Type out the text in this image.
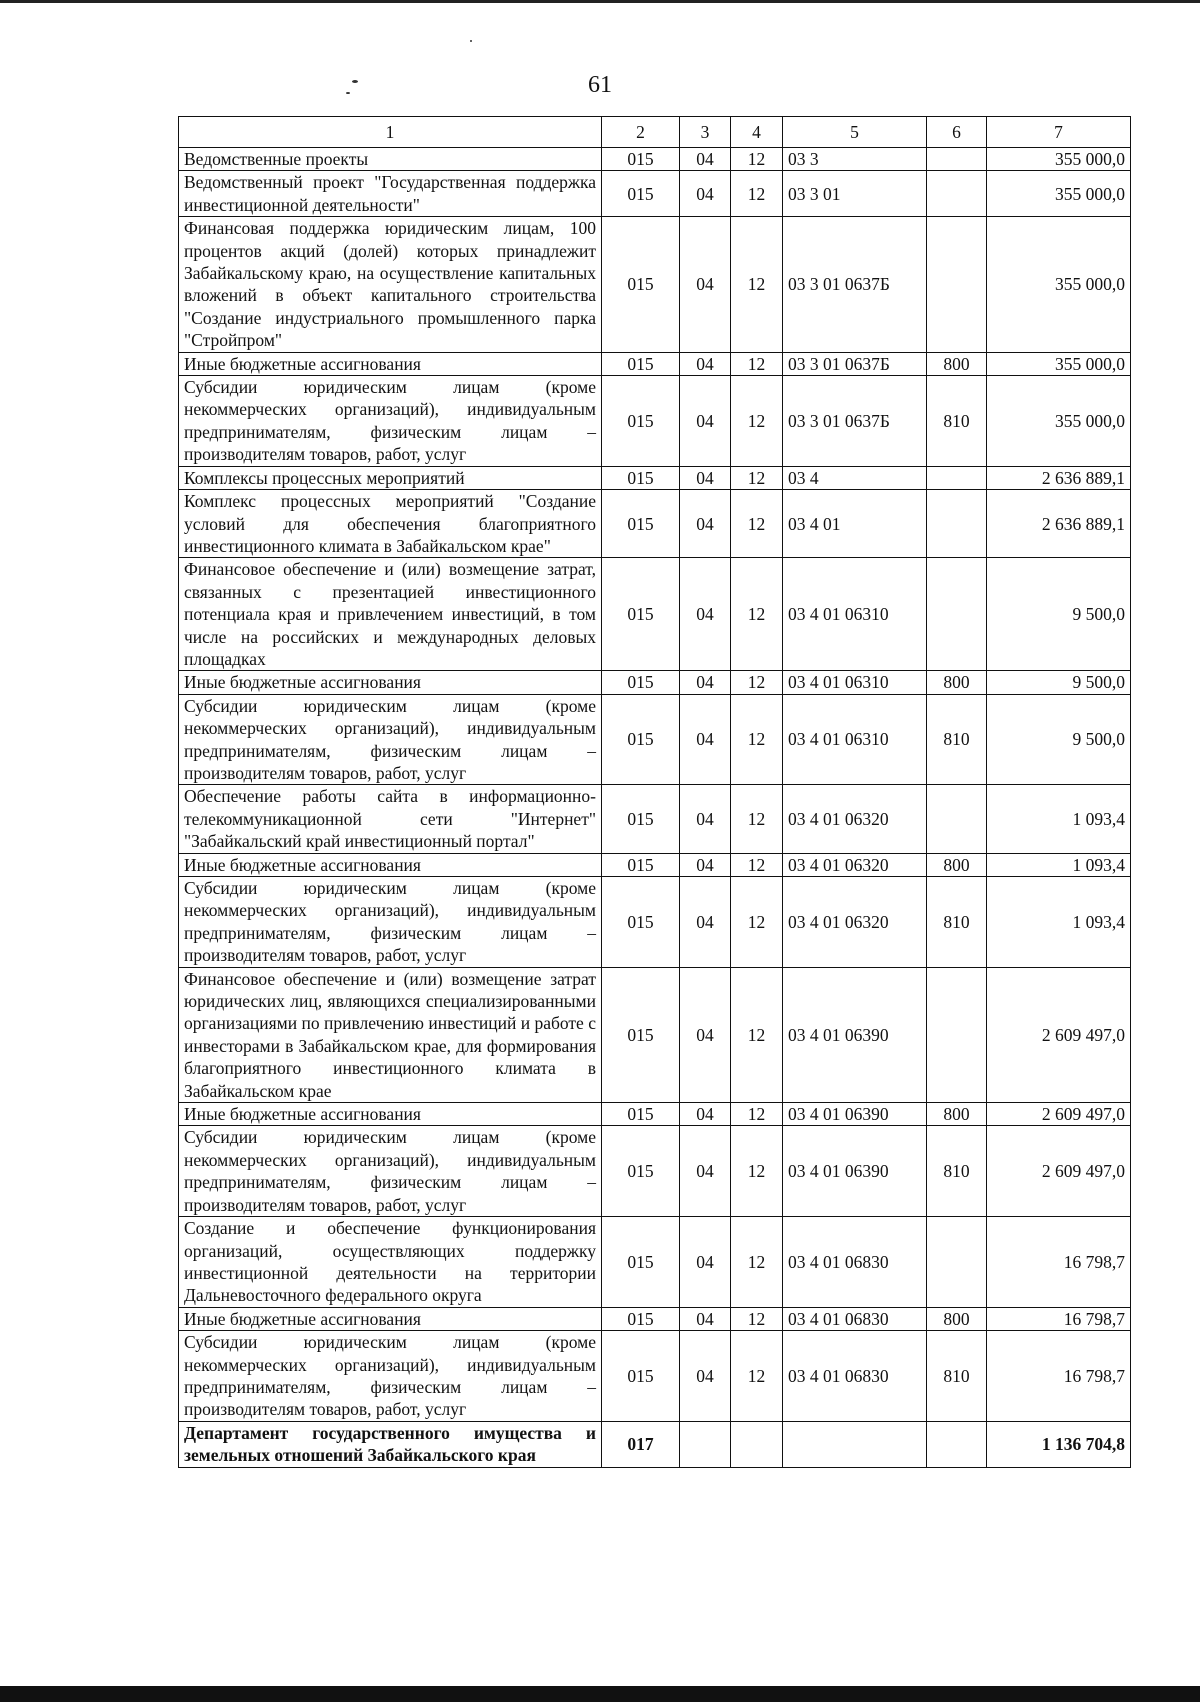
61
1	2	3	4	5	6	7
Ведомственные проекты	015	04	12	03 3		355 000,0
Ведомственный проект "Государственная поддержка инвестиционной деятельности"	015	04	12	03 3 01		355 000,0
Финансовая поддержка юридическим лицам, 100 процентов акций (долей) которых принадлежит Забайкальскому краю, на осуществление капитальных вложений в объект капитального строительства "Создание индустриального промышленного парка "Стройпром"	015	04	12	03 3 01 0637Б		355 000,0
Иные бюджетные ассигнования	015	04	12	03 3 01 0637Б	800	355 000,0
Субсидии юридическим лицам (кроме некоммерческих организаций), индивидуальным предпринимателям, физическим лицам – производителям товаров, работ, услуг	015	04	12	03 3 01 0637Б	810	355 000,0
Комплексы процессных мероприятий	015	04	12	03 4		2 636 889,1
Комплекс процессных мероприятий "Создание условий для обеспечения благоприятного инвестиционного климата в Забайкальском крае"	015	04	12	03 4 01		2 636 889,1
Финансовое обеспечение и (или) возмещение затрат, связанных с презентацией инвестиционного потенциала края и привлечением инвестиций, в том числе на российских и международных деловых площадках	015	04	12	03 4 01 06310		9 500,0
Иные бюджетные ассигнования	015	04	12	03 4 01 06310	800	9 500,0
Субсидии юридическим лицам (кроме некоммерческих организаций), индивидуальным предпринимателям, физическим лицам – производителям товаров, работ, услуг	015	04	12	03 4 01 06310	810	9 500,0
Обеспечение работы сайта в информационно-телекоммуникационной сети "Интернет" "Забайкальский край инвестиционный портал"	015	04	12	03 4 01 06320		1 093,4
Иные бюджетные ассигнования	015	04	12	03 4 01 06320	800	1 093,4
Субсидии юридическим лицам (кроме некоммерческих организаций), индивидуальным предпринимателям, физическим лицам – производителям товаров, работ, услуг	015	04	12	03 4 01 06320	810	1 093,4
Финансовое обеспечение и (или) возмещение затрат юридических лиц, являющихся специализированными организациями по привлечению инвестиций и работе с инвесторами в Забайкальском крае, для формирования благоприятного инвестиционного климата в Забайкальском крае	015	04	12	03 4 01 06390		2 609 497,0
Иные бюджетные ассигнования	015	04	12	03 4 01 06390	800	2 609 497,0
Субсидии юридическим лицам (кроме некоммерческих организаций), индивидуальным предпринимателям, физическим лицам – производителям товаров, работ, услуг	015	04	12	03 4 01 06390	810	2 609 497,0
Создание и обеспечение функционирования организаций, осуществляющих поддержку инвестиционной деятельности на территории Дальневосточного федерального округа	015	04	12	03 4 01 06830		16 798,7
Иные бюджетные ассигнования	015	04	12	03 4 01 06830	800	16 798,7
Субсидии юридическим лицам (кроме некоммерческих организаций), индивидуальным предпринимателям, физическим лицам – производителям товаров, работ, услуг	015	04	12	03 4 01 06830	810	16 798,7
Департамент государственного имущества и земельных отношений Забайкальского края	017					1 136 704,8
